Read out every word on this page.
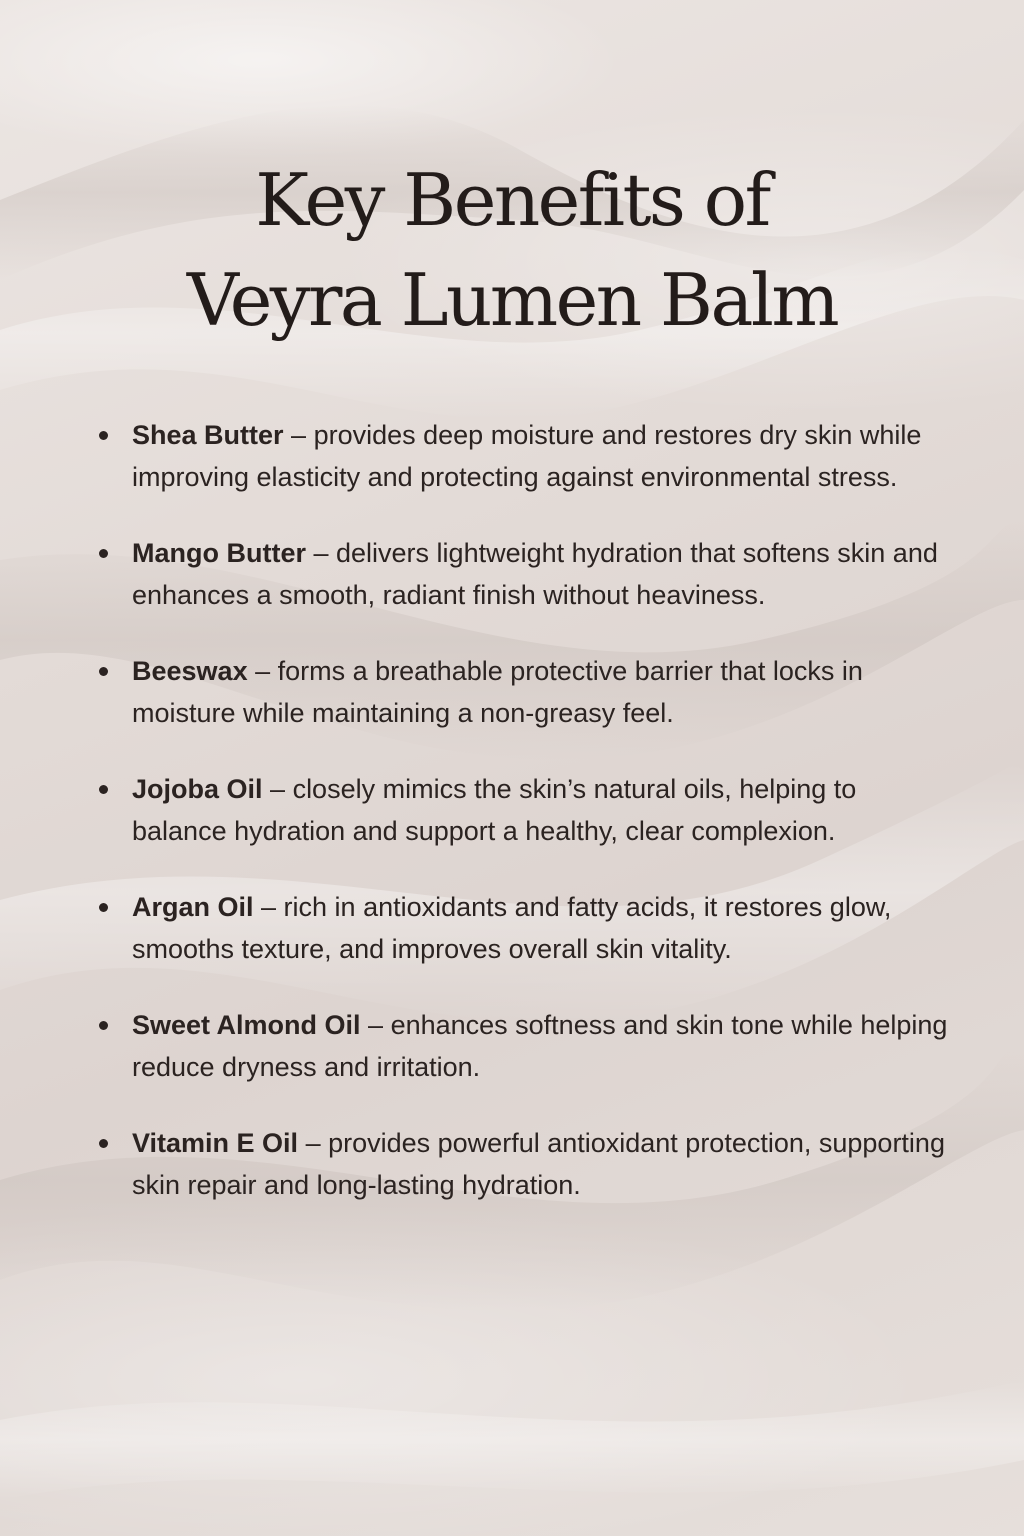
Key Benefits of
Veyra Lumen Balm
Shea Butter – provides deep moisture and restores dry skin while improving elasticity and protecting against environmental stress.
Mango Butter – delivers lightweight hydration that softens skin and enhances a smooth, radiant finish without heaviness.
Beeswax – forms a breathable protective barrier that locks in moisture while maintaining a non-greasy feel.
Jojoba Oil – closely mimics the skin’s natural oils, helping to balance hydration and support a healthy, clear complexion.
Argan Oil – rich in antioxidants and fatty acids, it restores glow, smooths texture, and improves overall skin vitality.
Sweet Almond Oil – enhances softness and skin tone while helping reduce dryness and irritation.
Vitamin E Oil – provides powerful antioxidant protection, supporting skin repair and long-lasting hydration.
